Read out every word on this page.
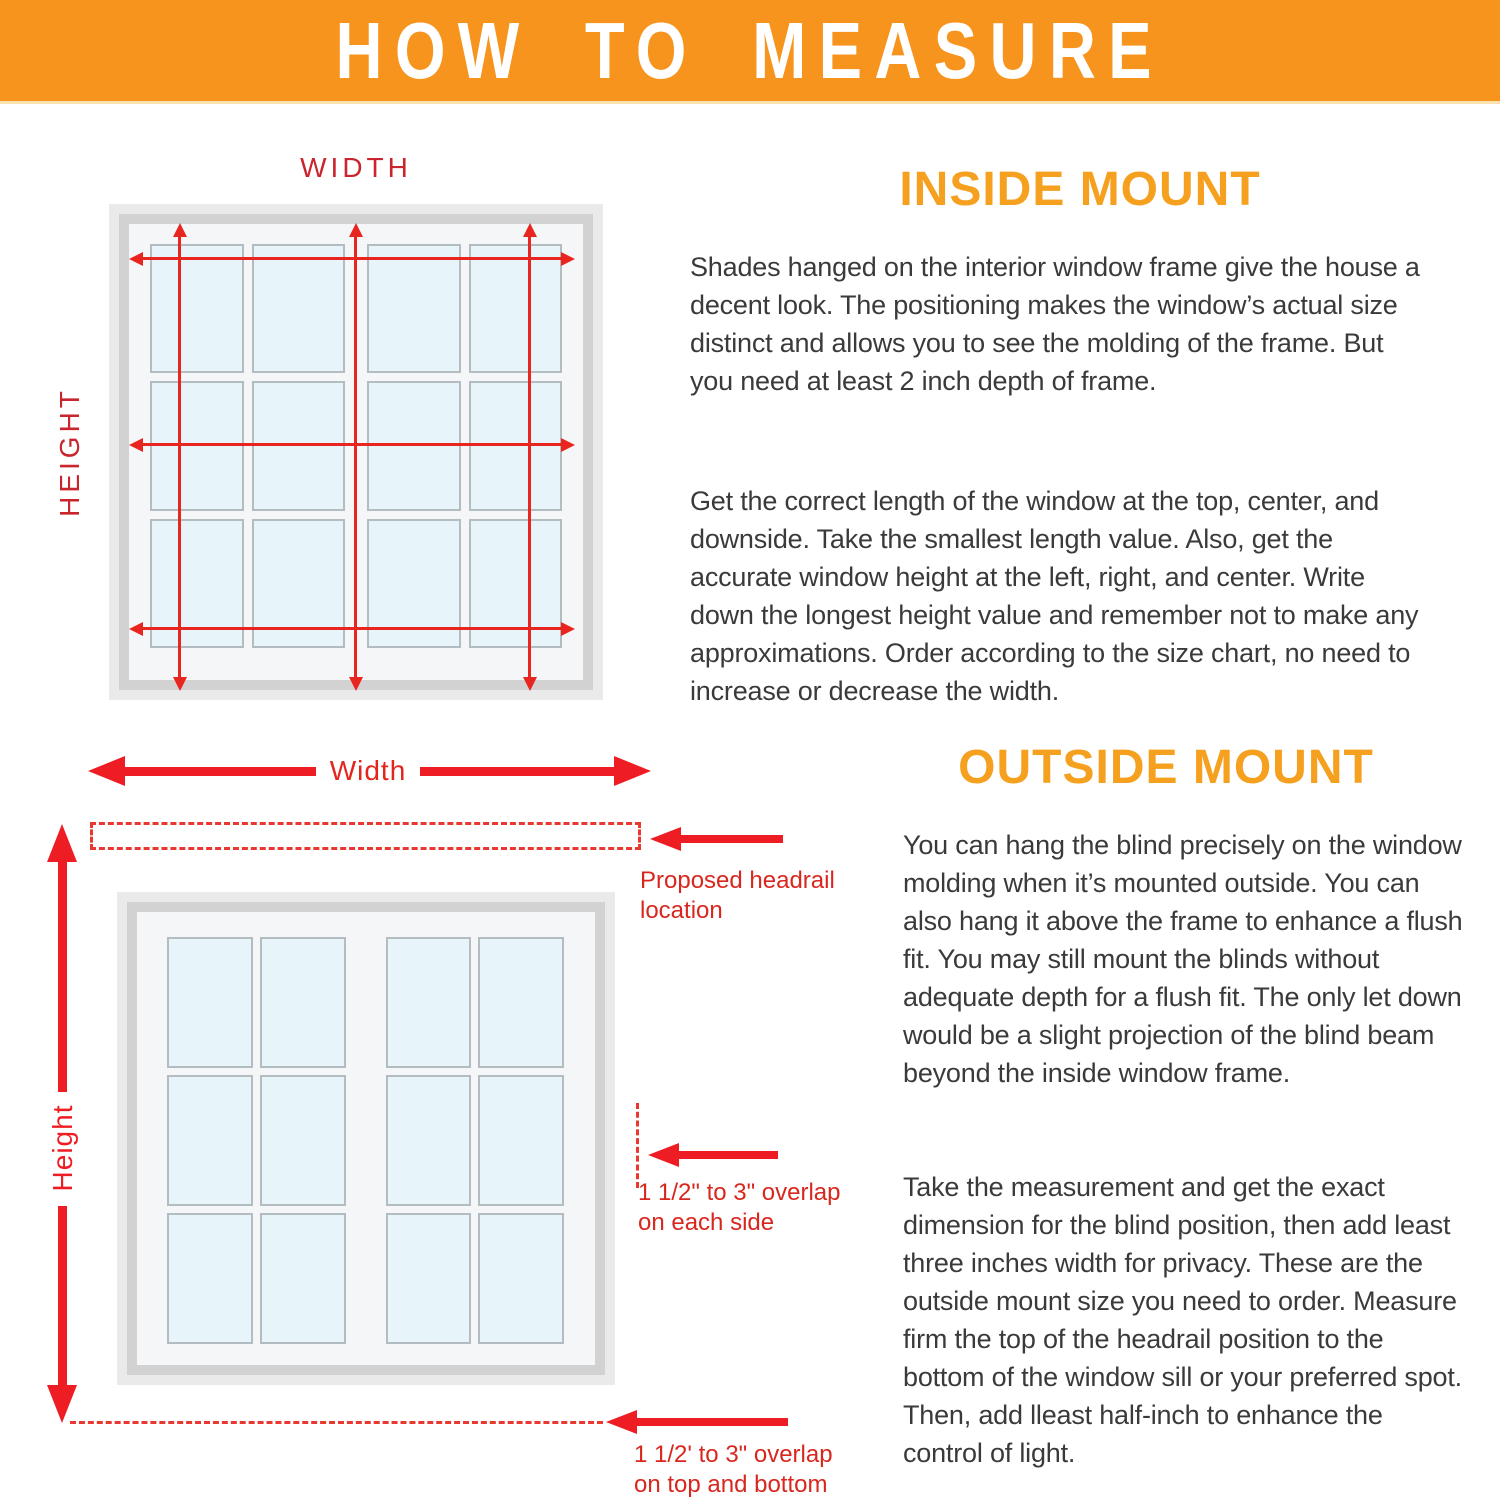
HOW TO MEASURE
WIDTH
HEIGHT
INSIDE MOUNT
Shades hanged on the interior window frame give the house a decent look. The positioning makes the window’s actual size distinct and allows you to see the molding of the frame. But you need at least 2 inch depth of frame.
Get the correct length of the window at the top, center, and downside. Take the smallest length value. Also, get the accurate window height at the left, right, and center. Write down the longest height value and remember not to make any approximations. Order according to the size chart, no need to increase or decrease the width.
Width
Proposed headrail
location
Height
1 1/2" to 3" overlap
on each side
1 1/2' to 3" overlap
on top and bottom
OUTSIDE MOUNT
You can hang the blind precisely on the window molding when it’s mounted outside. You can also hang it above the frame to enhance a flush fit. You may still mount the blinds without adequate depth for a flush fit. The only let down would be a slight projection of the blind beam beyond the inside window frame.
Take the measurement and get the exact dimension for the blind position, then add least three inches width for privacy. These are the outside mount size you need to order. Measure firm the top of the headrail position to the bottom of the window sill or your preferred spot. Then, add lleast half-inch to enhance the control of light.
